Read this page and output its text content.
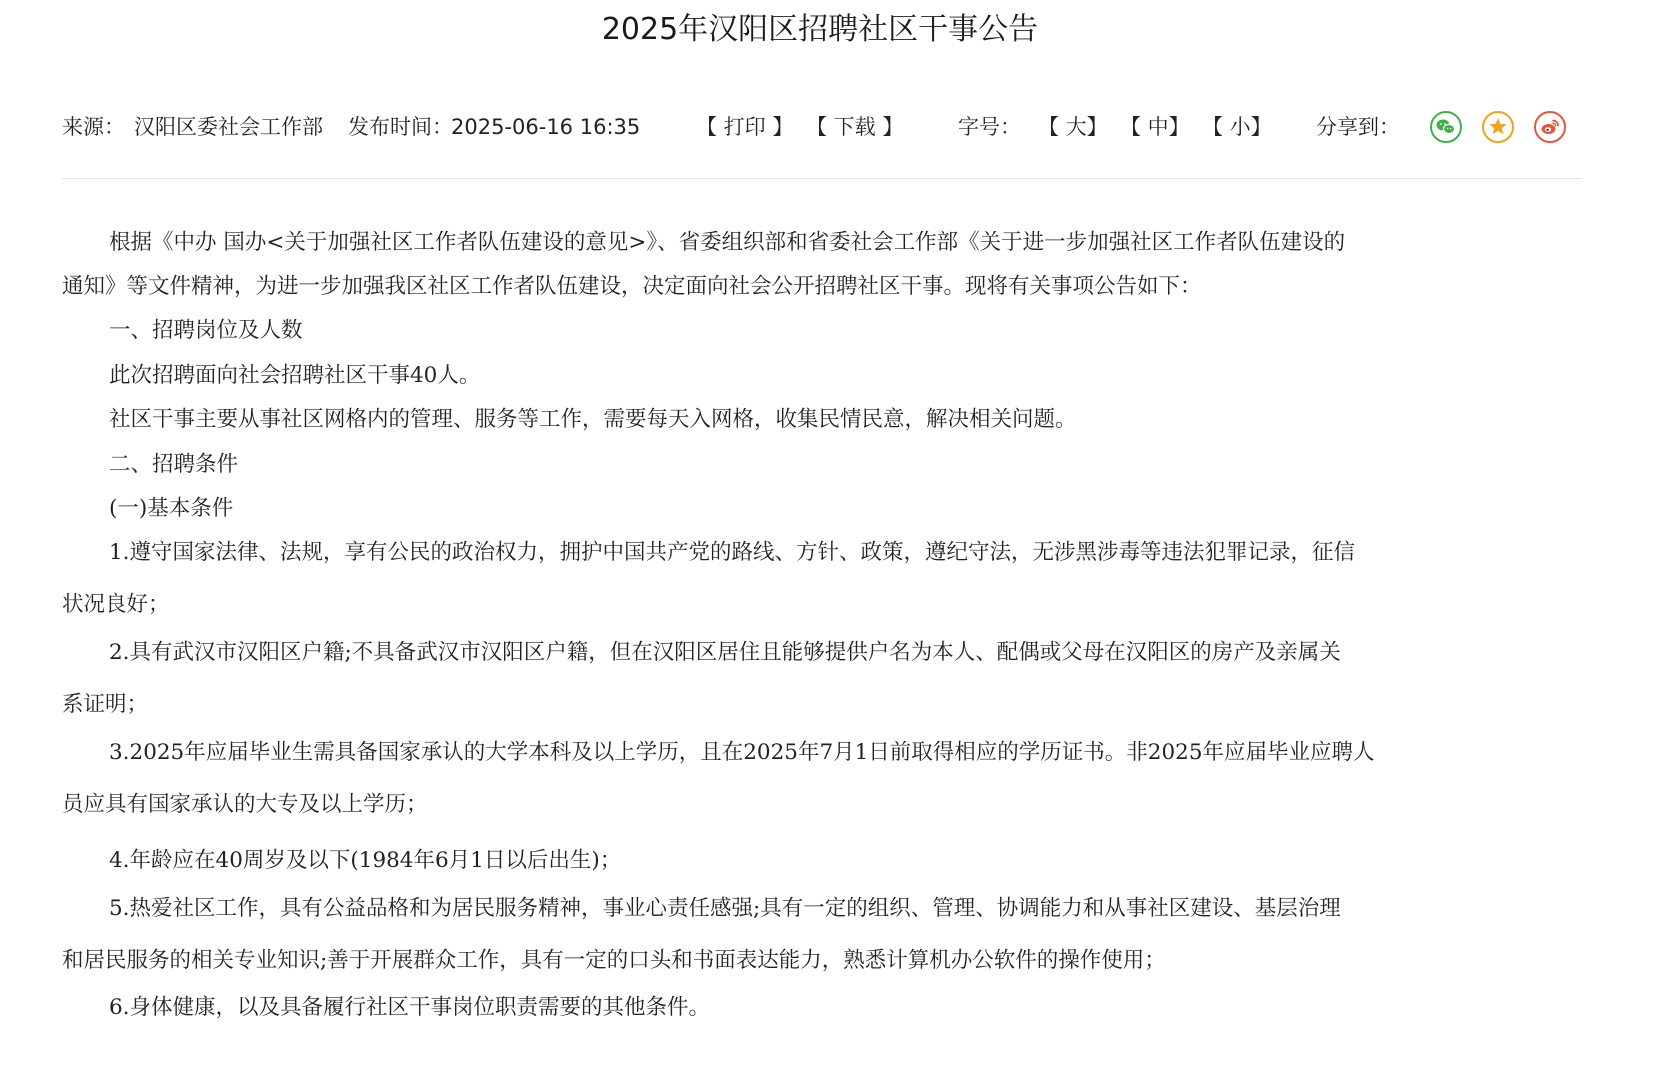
2025年汉阳区招聘社区干事公告
来源： 汉阳区委社会工作部 发布时间：
2025-06-16 16:35	【 打印 】 【 下载 】	字号： 【 大】 【 中】 【 小】 分享到：
根据《中办 国办<关于加强社区工作者队伍建设的意见>》、省委组织部和省委社会工作部《关于进一步加强社区工作者队伍建设的
通知》等文件精神，为进一步加强我区社区工作者队伍建设，决定面向社会公开招聘社区干事。现将有关事项公告如下：
一、招聘岗位及人数
此次招聘面向社会招聘社区干事40人。
社区干事主要从事社区网格内的管理、服务等工作，需要每天入网格，收集民情民意，解决相关问题。
二、招聘条件
(一)基本条件
1.遵守国家法律、法规，享有公民的政治权力，拥护中国共产党的路线、方针、政策，遵纪守法，无涉黑涉毒等违法犯罪记录，征信
状况良好；
2.具有武汉市汉阳区户籍;不具备武汉市汉阳区户籍，但在汉阳区居住且能够提供户名为本人、配偶或父母在汉阳区的房产及亲属关
系证明；
3.2025年应届毕业生需具备国家承认的大学本科及以上学历，且在2025年7月1日前取得相应的学历证书。非2025年应届毕业应聘人
员应具有国家承认的大专及以上学历；
4.年龄应在40周岁及以下(1984年6月1日以后出生)；
5.热爱社区工作，具有公益品格和为居民服务精神，事业心责任感强;具有一定的组织、管理、协调能力和从事社区建设、基层治理
和居民服务的相关专业知识;善于开展群众工作，具有一定的口头和书面表达能力，熟悉计算机办公软件的操作使用；
6.身体健康，以及具备履行社区干事岗位职责需要的其他条件。
